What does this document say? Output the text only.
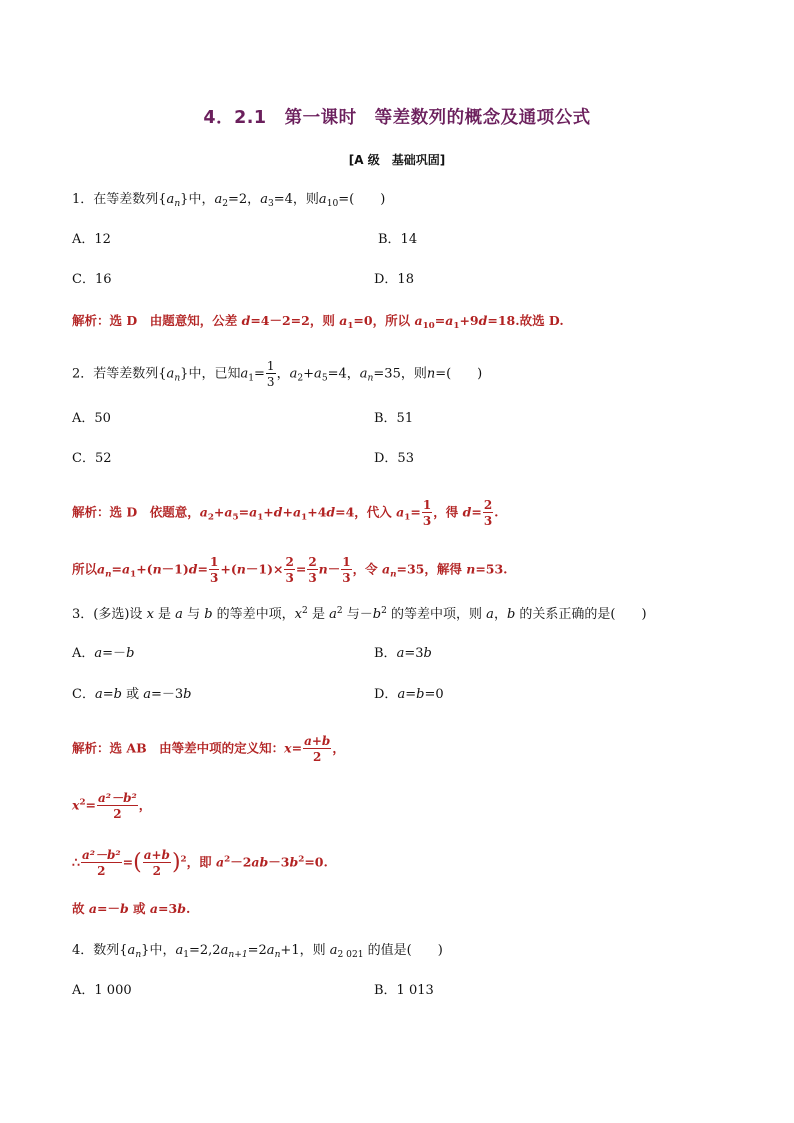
4．2.1　第一课时　等差数列的概念及通项公式
[A 级　基础巩固]
1．在等差数列$\{a_n\}$中，$a_2=2$，$a_3=4$，则$a_{10}=$(　　)
A．12	B．14
C．16	D．18
解析：选 D　由题意知，公差 d=4－2=2，则 $a_1=0$，所以 $a_{10}=a_1+9d=18$.故选 D.
2．若等差数列$\{a_n\}$中，已知$a_1= \frac{1}{3}$ ，$a_2+a_5=4$，$a_n=35$，则n=(　　)
A．50	B．51
C．52	D．53
解析：选 D　依题意，$a_2+a_5=a_1+d+a_1+4d=4$，代入 $a_1= \frac{1}{3}$ ，得 $d= \frac{2}{3}$ .
所以$a_n=a_1+(n-1)d= \frac{1}{3} +(n-1)\times \frac{2}{3} = \frac{2}{3} n- \frac{1}{3}$ ，令 $a_n=35$，解得 n=53.
3．(多选)设 x 是 a 与 b 的等差中项，$x^2$ 是 $a^2$ 与$-b^2$ 的等差中项，则 a，b 的关系正确的是(　　)
A．a=－b	B．a=3b
C．a=b 或 a=－3b	D．a=b=0
解析：选 AB　由等差中项的定义知：$x= \frac{a+b}{2}$ ，
$x^2= \frac{\text{a²－b²}}{2}$ ，
∴ $\frac{\text{a²－b²}}{2}$ =( $\frac{a+b}{2} )^2$，即 $a^2-2ab-3b^2=0$.
故 a=－b 或 a=3b.
4．数列$\{a_n\}$中，$a_1=2,2a_{n+1}=2a_n+1$，则 $a_{2 021}$ 的值是(　　)
A．1 000	B．1 013
